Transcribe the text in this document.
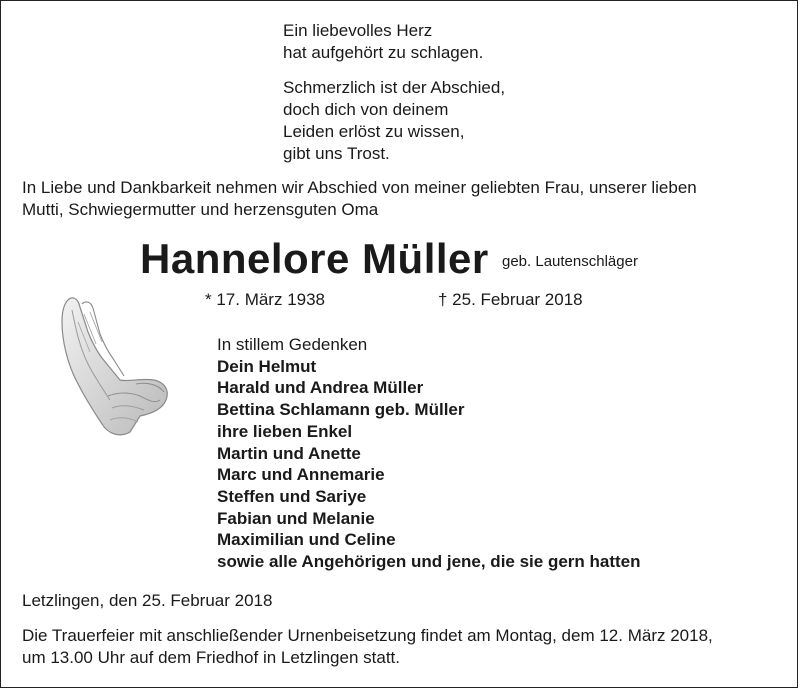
Ein liebevolles Herz
hat aufgehört zu schlagen.
Schmerzlich ist der Abschied,
doch dich von deinem
Leiden erlöst zu wissen,
gibt uns Trost.
In Liebe und Dankbarkeit nehmen wir Abschied von meiner geliebten Frau, unserer lieben
Mutti, Schwiegermutter und herzensguten Oma
Hannelore Müller geb. Lautenschläger
* 17. März 1938	† 25. Februar 2018
In stillem Gedenken
Dein Helmut
Harald und Andrea Müller
Bettina Schlamann geb. Müller
ihre lieben Enkel
Martin und Anette
Marc und Annemarie
Steffen und Sariye
Fabian und Melanie
Maximilian und Celine
sowie alle Angehörigen und jene, die sie gern hatten
Letzlingen, den 25. Februar 2018
Die Trauerfeier mit anschließender Urnenbeisetzung findet am Montag, dem 12. März 2018,
um 13.00 Uhr auf dem Friedhof in Letzlingen statt.
